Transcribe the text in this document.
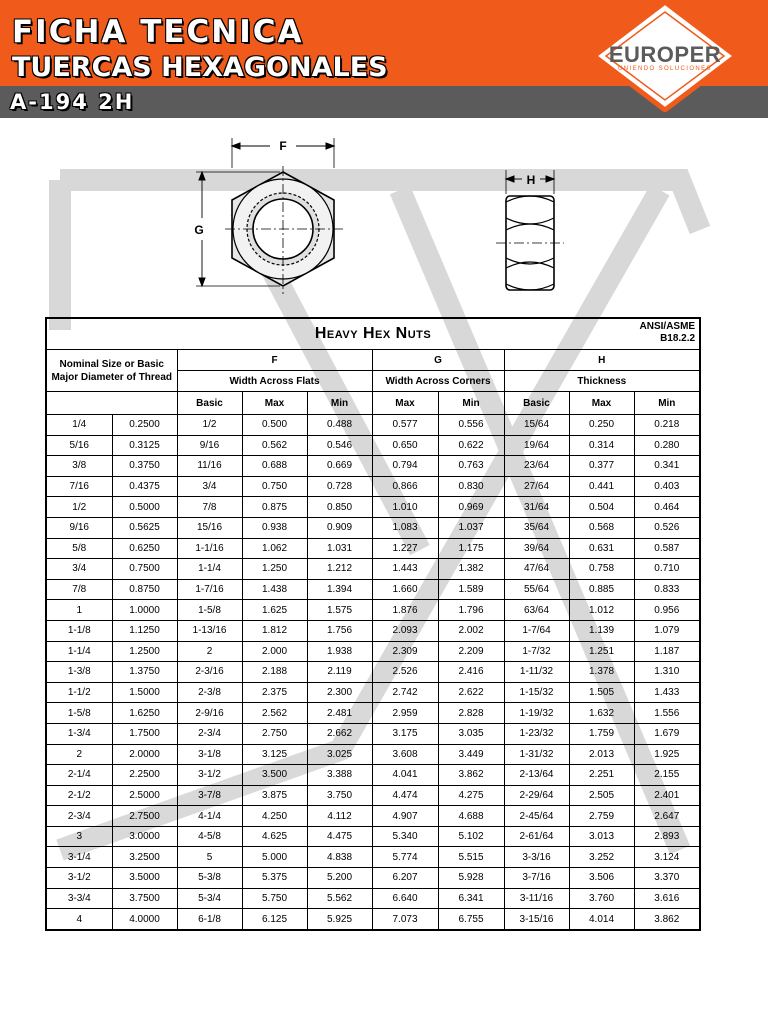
FICHA TECNICA
TUERCAS HEXAGONALES
A-194 2H
EUROPER
UNIENDO SOLUCIONES
F
G
H
Heavy Hex Nuts ANSI/ASME
B18.2.2									

Nominal Size or Basic Major Diameter of Thread		F			G		H		
		Width Across Flats			Width Across Corners		Thickness		
		Basic	Max	Min	Max	Min	Basic	Max	Min
1/4	0.2500	1/2	0.500	0.488	0.577	0.556	15/64	0.250	0.218
5/16	0.3125	9/16	0.562	0.546	0.650	0.622	19/64	0.314	0.280
3/8	0.3750	11/16	0.688	0.669	0.794	0.763	23/64	0.377	0.341
7/16	0.4375	3/4	0.750	0.728	0.866	0.830	27/64	0.441	0.403
1/2	0.5000	7/8	0.875	0.850	1.010	0.969	31/64	0.504	0.464
9/16	0.5625	15/16	0.938	0.909	1.083	1.037	35/64	0.568	0.526
5/8	0.6250	1-1/16	1.062	1.031	1.227	1.175	39/64	0.631	0.587
3/4	0.7500	1-1/4	1.250	1.212	1.443	1.382	47/64	0.758	0.710
7/8	0.8750	1-7/16	1.438	1.394	1.660	1.589	55/64	0.885	0.833
1	1.0000	1-5/8	1.625	1.575	1.876	1.796	63/64	1.012	0.956
1-1/8	1.1250	1-13/16	1.812	1.756	2.093	2.002	1-7/64	1.139	1.079
1-1/4	1.2500	2	2.000	1.938	2.309	2.209	1-7/32	1.251	1.187
1-3/8	1.3750	2-3/16	2.188	2.119	2.526	2.416	1-11/32	1.378	1.310
1-1/2	1.5000	2-3/8	2.375	2.300	2.742	2.622	1-15/32	1.505	1.433
1-5/8	1.6250	2-9/16	2.562	2.481	2.959	2.828	1-19/32	1.632	1.556
1-3/4	1.7500	2-3/4	2.750	2.662	3.175	3.035	1-23/32	1.759	1.679
2	2.0000	3-1/8	3.125	3.025	3.608	3.449	1-31/32	2.013	1.925
2-1/4	2.2500	3-1/2	3.500	3.388	4.041	3.862	2-13/64	2.251	2.155
2-1/2	2.5000	3-7/8	3.875	3.750	4.474	4.275	2-29/64	2.505	2.401
2-3/4	2.7500	4-1/4	4.250	4.112	4.907	4.688	2-45/64	2.759	2.647
3	3.0000	4-5/8	4.625	4.475	5.340	5.102	2-61/64	3.013	2.893
3-1/4	3.2500	5	5.000	4.838	5.774	5.515	3-3/16	3.252	3.124
3-1/2	3.5000	5-3/8	5.375	5.200	6.207	5.928	3-7/16	3.506	3.370
3-3/4	3.7500	5-3/4	5.750	5.562	6.640	6.341	3-11/16	3.760	3.616
4	4.0000	6-1/8	6.125	5.925	7.073	6.755	3-15/16	4.014	3.862
